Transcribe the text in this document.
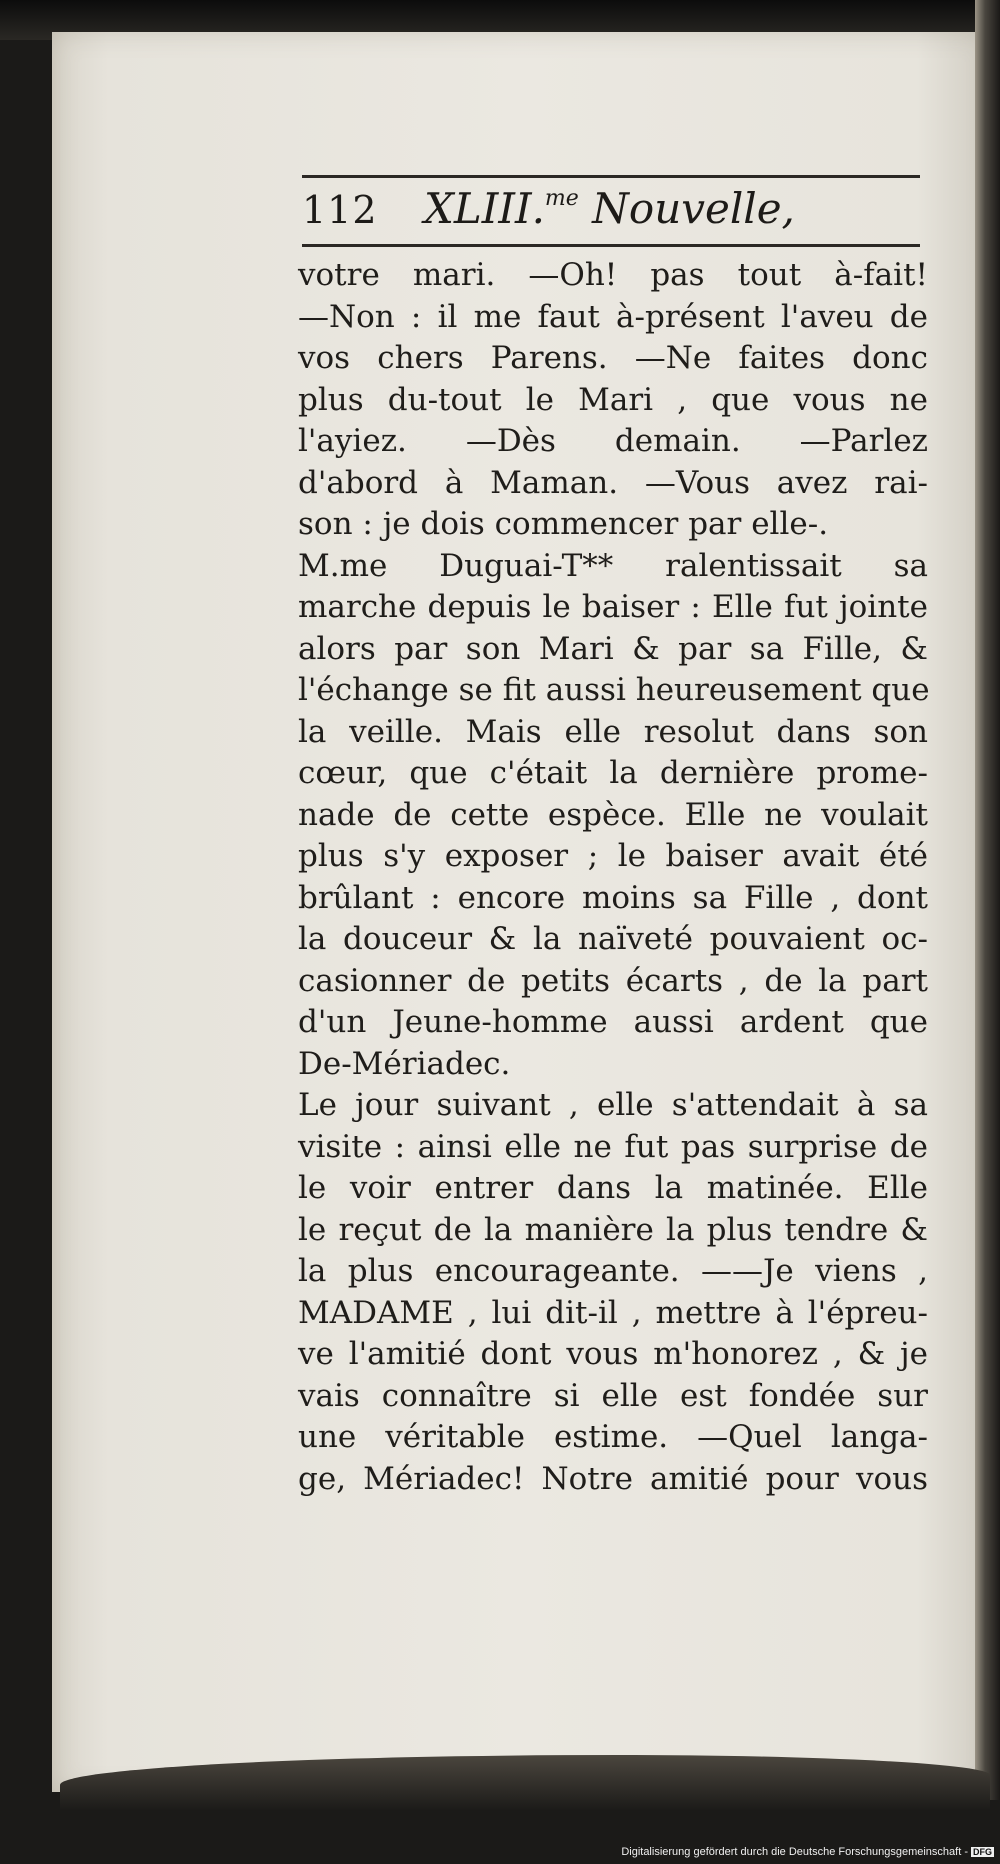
112 XLIII.$^{me}$ Nouvelle,
votre mari. —Oh! pas tout à-fait!
—Non : il me faut à-présent l'aveu de
vos chers Parens. —Ne faites donc
plus du-tout le Mari , que vous ne
l'ayiez. —Dès demain. —Parlez
d'abord à Maman. —Vous avez rai-
son : je dois commencer par elle-.
M.me Duguai-T** ralentissait sa
marche depuis le baiser : Elle fut jointe
alors par son Mari & par sa Fille, &
l'échange se fit aussi heureusement que
la veille. Mais elle resolut dans son
cœur, que c'était la dernière prome-
nade de cette espèce. Elle ne voulait
plus s'y exposer ; le baiser avait été
brûlant : encore moins sa Fille , dont
la douceur & la naïveté pouvaient oc-
casionner de petits écarts , de la part
d'un Jeune-homme aussi ardent que
De-Mériadec.
Le jour suivant , elle s'attendait à sa
visite : ainsi elle ne fut pas surprise de
le voir entrer dans la matinée. Elle
le reçut de la manière la plus tendre &
la plus encourageante. ——Je viens ,
MADAME , lui dit-il , mettre à l'épreu-
ve l'amitié dont vous m'honorez , & je
vais connaître si elle est fondée sur
une véritable estime. —Quel langa-
ge, Mériadec! Notre amitié pour vous
Digitalisierung gefördert durch die Deutsche Forschungsgemeinschaft - DFG
